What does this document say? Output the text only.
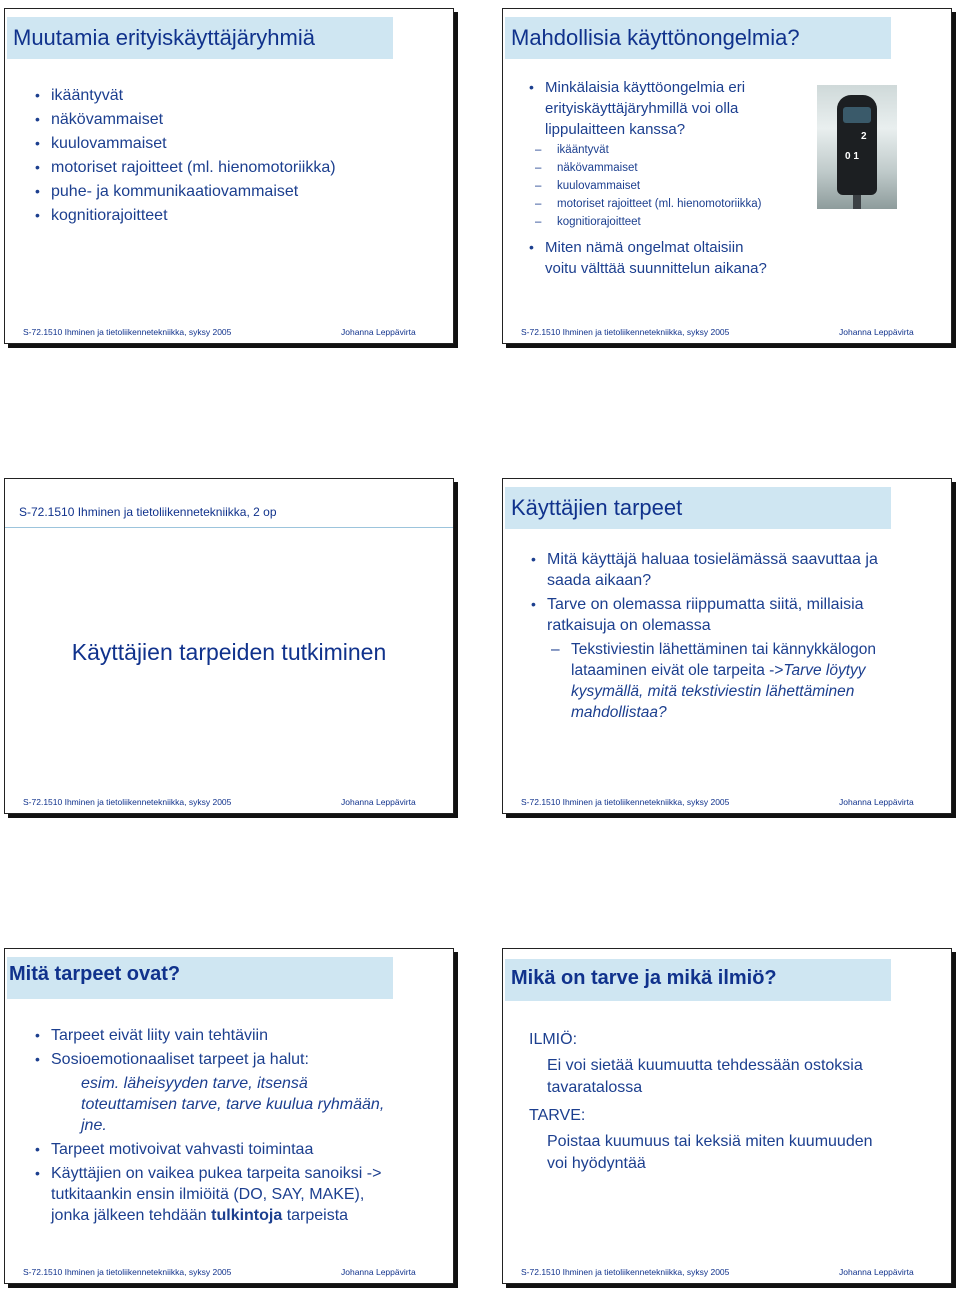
Muutamia erityiskäyttäjäryhmiä
• ikääntyvät
• näkövammaiset
• kuulovammaiset
• motoriset rajoitteet (ml. hienomotoriikka)
• puhe- ja kommunikaatiovammaiset
• kognitiorajoitteet
S-72.1510 Ihminen ja tietoliikennetekniikka, syksy 2005	Johanna Leppävirta
Mahdollisia käyttönongelmia?
2
0 1
• Minkälaisia käyttöongelmia eri erityiskäyttäjäryhmillä voi olla lippulaitteen kanssa?
– ikääntyvät
– näkövammaiset
– kuulovammaiset
– motoriset rajoitteet (ml. hienomotoriikka)
– kognitiorajoitteet
• Miten nämä ongelmat oltaisiin voitu välttää suunnittelun aikana?
S-72.1510 Ihminen ja tietoliikennetekniikka, syksy 2005	Johanna Leppävirta
S-72.1510 Ihminen ja tietoliikennetekniikka, 2 op
Käyttäjien tarpeiden tutkiminen
S-72.1510 Ihminen ja tietoliikennetekniikka, syksy 2005	Johanna Leppävirta
Käyttäjien tarpeet
• Mitä käyttäjä haluaa tosielämässä saavuttaa ja saada aikaan?
• Tarve on olemassa riippumatta siitä, millaisia ratkaisuja on olemassa
– Tekstiviestin lähettäminen tai kännykkälogon lataaminen eivät ole tarpeita ->Tarve löytyy kysymällä, mitä tekstiviestin lähettäminen mahdollistaa?
S-72.1510 Ihminen ja tietoliikennetekniikka, syksy 2005	Johanna Leppävirta
Mitä tarpeet ovat?
• Tarpeet eivät liity vain tehtäviin
• Sosioemotionaaliset tarpeet ja halut:
esim. läheisyyden tarve, itsensä toteuttamisen tarve, tarve kuulua ryhmään, jne.
• Tarpeet motivoivat vahvasti toimintaa
• Käyttäjien on vaikea pukea tarpeita sanoiksi -> tutkitaankin ensin ilmiöitä (DO, SAY, MAKE), jonka jälkeen tehdään tulkintoja tarpeista
S-72.1510 Ihminen ja tietoliikennetekniikka, syksy 2005	Johanna Leppävirta
Mikä on tarve ja mikä ilmiö?
ILMIÖ:
Ei voi sietää kuumuutta tehdessään ostoksia tavaratalossa
TARVE:
Poistaa kuumuus tai keksiä miten kuumuuden voi hyödyntää
S-72.1510 Ihminen ja tietoliikennetekniikka, syksy 2005	Johanna Leppävirta
